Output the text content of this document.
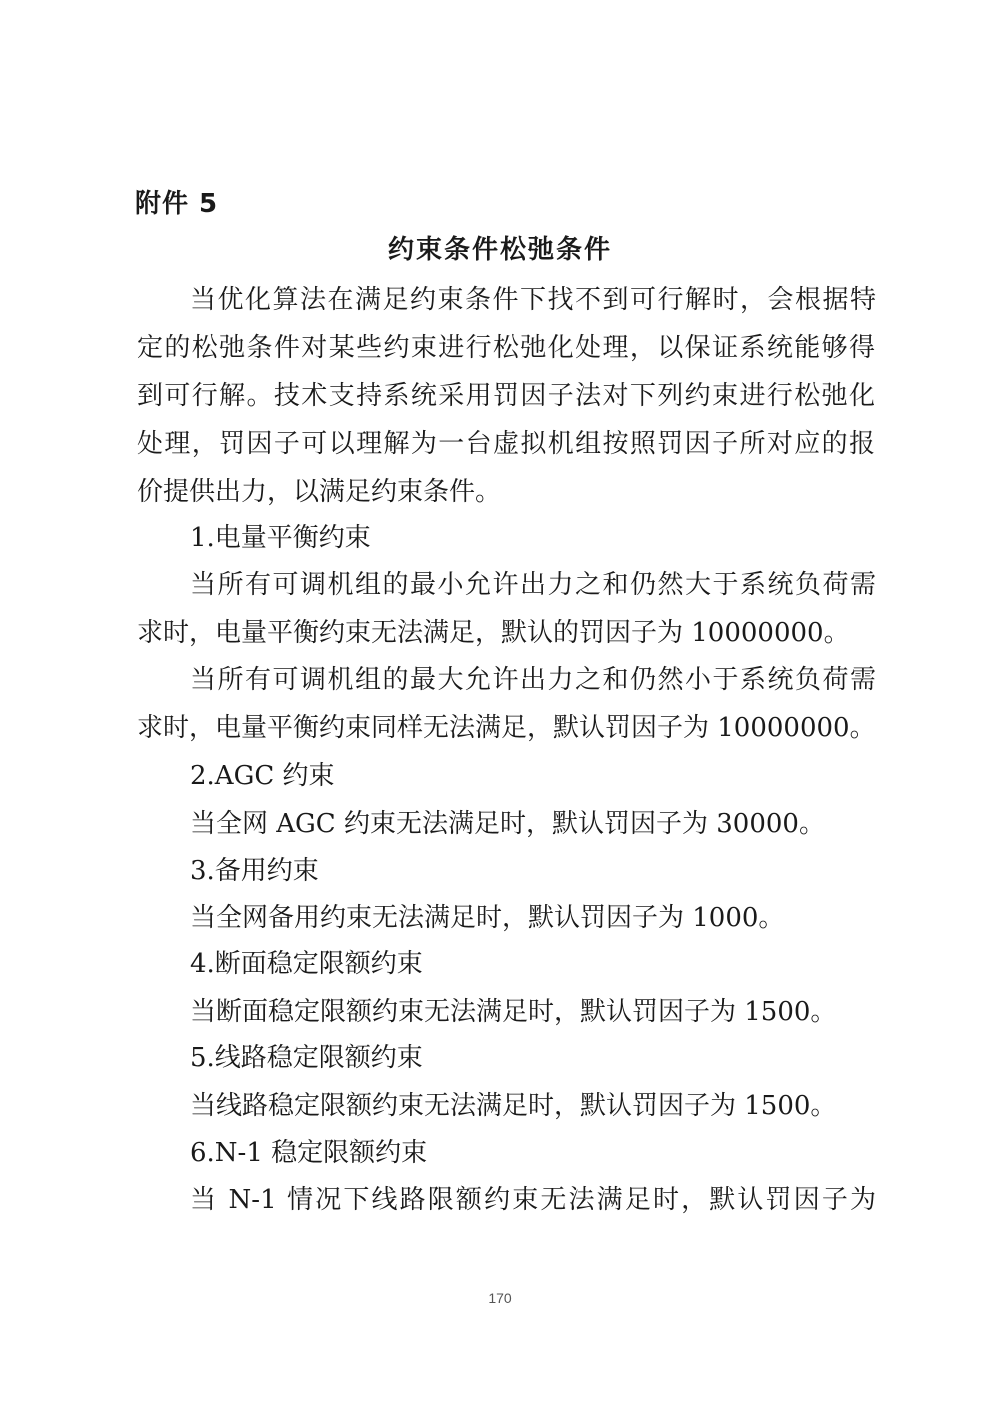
附件 5

约束条件松弛条件

当优化算法在满足约束条件下找不到可行解时，会根据特

定的松弛条件对某些约束进行松弛化处理，以保证系统能够得

到可行解。技术支持系统采用罚因子法对下列约束进行松弛化

处理，罚因子可以理解为一台虚拟机组按照罚因子所对应的报

价提供出力，以满足约束条件。

1.电量平衡约束

当所有可调机组的最小允许出力之和仍然大于系统负荷需

求时，电量平衡约束无法满足，默认的罚因子为 10000000。

当所有可调机组的最大允许出力之和仍然小于系统负荷需

求时，电量平衡约束同样无法满足，默认罚因子为 10000000。

2.AGC 约束

当全网 AGC 约束无法满足时，默认罚因子为 30000。

3.备用约束

当全网备用约束无法满足时，默认罚因子为 1000。

4.断面稳定限额约束

当断面稳定限额约束无法满足时，默认罚因子为 1500。

5.线路稳定限额约束

当线路稳定限额约束无法满足时，默认罚因子为 1500。

6.N-1 稳定限额约束

当 N-1 情况下线路限额约束无法满足时，默认罚因子为

170
